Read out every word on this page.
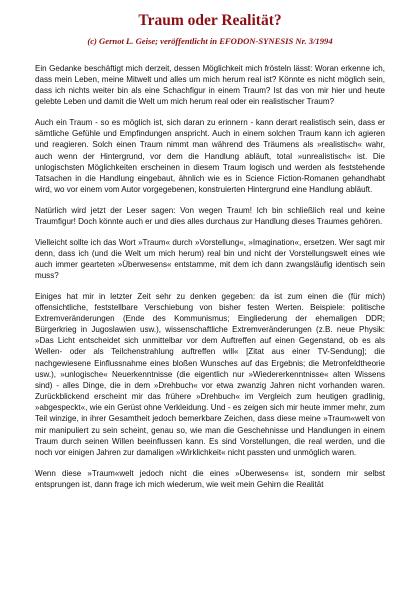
Traum oder Realität?
(c) Gernot L. Geise; veröffentlicht in EFODON-SYNESIS Nr. 3/1994

Ein Gedanke beschäftigt mich derzeit, dessen Möglichkeit mich frösteln lässt: Woran erkenne ich, dass mein Leben, meine Mitwelt und alles um mich herum real ist? Könnte es nicht möglich sein, dass ich nichts weiter bin als eine Schachfigur in einem Traum? Ist das von mir hier und heute gelebte Leben und damit die Welt um mich herum real oder ein realistischer Traum?

Auch ein Traum - so es möglich ist, sich daran zu erinnern - kann derart realistisch sein, dass er sämtliche Gefühle und Empfindungen anspricht. Auch in einem solchen Traum kann ich agieren und reagieren. Solch einen Traum nimmt man während des Träumens als »realistisch« wahr, auch wenn der Hintergrund, vor dem die Handlung abläuft, total »unrealistisch« ist. Die unlogischsten Möglichkeiten erscheinen in diesem Traum logisch und werden als feststehende Tatsachen in die Handlung eingebaut, ähnlich wie es in Science Fiction-Romanen gehandhabt wird, wo vor einem vom Autor vorgegebenen, konstruierten Hintergrund eine Handlung abläuft.

Natürlich wird jetzt der Leser sagen: Von wegen Traum! Ich bin schließlich real und keine Traumfigur! Doch könnte auch er und dies alles durchaus zur Handlung dieses Traumes gehören.

Vielleicht sollte ich das Wort »Traum« durch »Vorstellung«, »Imagination«, ersetzen. Wer sagt mir denn, dass ich (und die Welt um mich herum) real bin und nicht der Vorstellungswelt eines wie auch immer gearteten »Überwesens« entstamme, mit dem ich dann zwangsläufig identisch sein muss?

Einiges hat mir in letzter Zeit sehr zu denken gegeben: da ist zum einen die (für mich) offensichtliche, feststellbare Verschiebung von bisher festen Werten. Beispiele: politische Extremveränderungen (Ende des Kommunismus; Eingliederung der ehemaligen DDR; Bürgerkrieg in Jugoslawien usw.), wissenschaftliche Extremveränderungen (z.B. neue Physik: »Das Licht entscheidet sich unmittelbar vor dem Auftreffen auf einen Gegenstand, ob es als Wellen- oder als Teilchenstrahlung auftreffen will« [Zitat aus einer TV-Sendung]; die nachgewiesene Einflussnahme eines bloßen Wunsches auf das Ergebnis; die Metronfeldtheorie usw.), »unlogische« Neuerkenntnisse (die eigentlich nur »Wiedererkenntnisse« alten Wissens sind) - alles Dinge, die in dem »Drehbuch« vor etwa zwanzig Jahren nicht vorhanden waren. Zurückblickend erscheint mir das frühere »Drehbuch« im Vergleich zum heutigen gradlinig, »abgespeckt«, wie ein Gerüst ohne Verkleidung. Und - es zeigen sich mir heute immer mehr, zum Teil winzige, in ihrer Gesamtheit jedoch bemerkbare Zeichen, dass diese meine »Traum«welt von mir manipuliert zu sein scheint, genau so, wie man die Geschehnisse und Handlungen in einem Traum durch seinen Willen beeinflussen kann. Es sind Vorstellungen, die real werden, und die noch vor einigen Jahren zur damaligen »Wirklichkeit« nicht passten und unmöglich waren.

Wenn diese »Traum«welt jedoch nicht die eines »Überwesens« ist, sondern mir selbst entsprungen ist, dann frage ich mich wiederum, wie weit mein Gehirn die Realität
